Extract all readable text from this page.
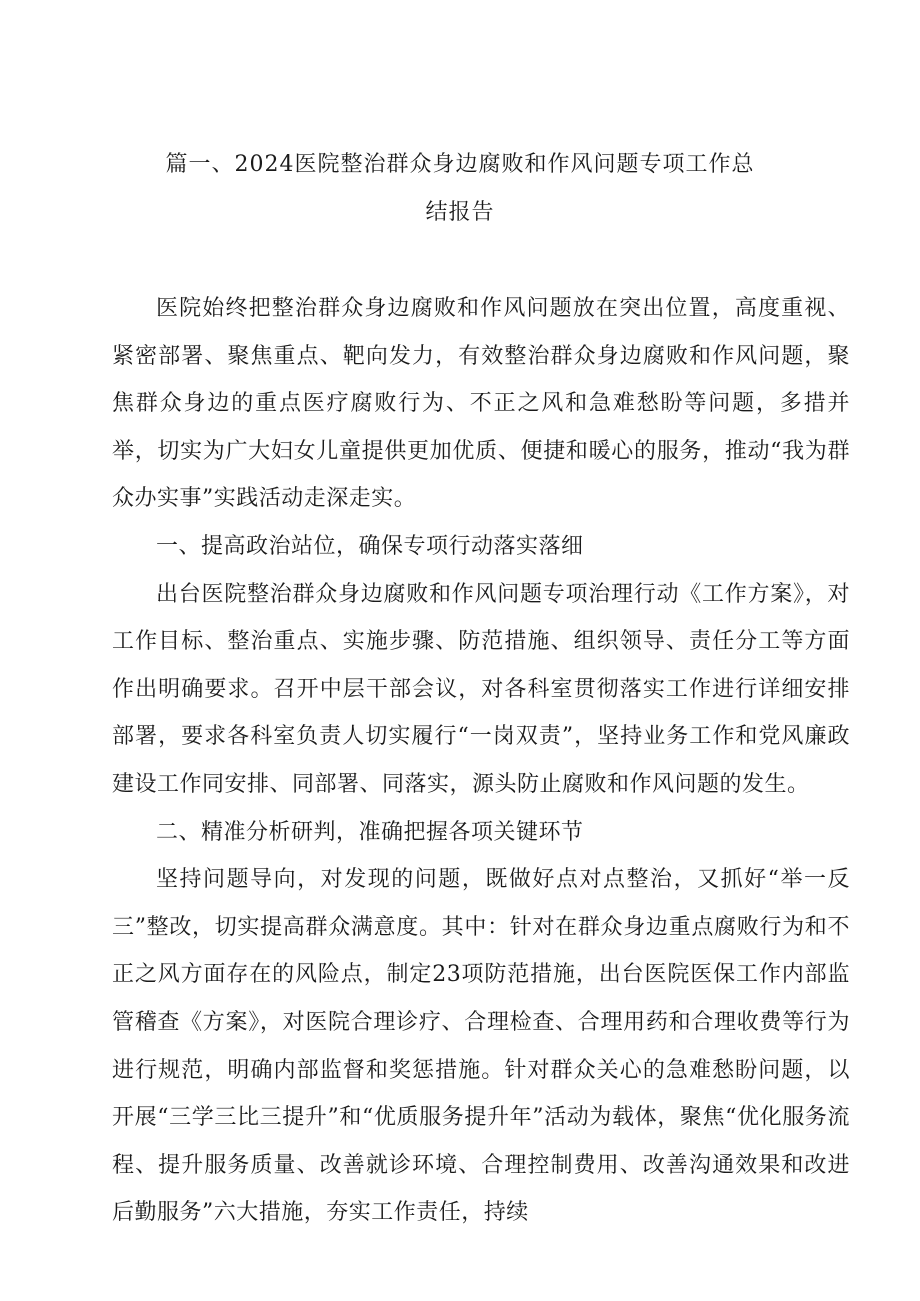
篇一、2024医院整治群众身边腐败和作风问题专项工作总
结报告

医院始终把整治群众身边腐败和作风问题放在突出位置，高度重视、紧密部署、聚焦重点、靶向发力，有效整治群众身边腐败和作风问题，聚焦群众身边的重点医疗腐败行为、不正之风和急难愁盼等问题，多措并举，切实为广大妇女儿童提供更加优质、便捷和暖心的服务，推动“我为群众办实事”实践活动走深走实。

一、提高政治站位，确保专项行动落实落细

出台医院整治群众身边腐败和作风问题专项治理行动《工作方案》，对工作目标、整治重点、实施步骤、防范措施、组织领导、责任分工等方面作出明确要求。召开中层干部会议，对各科室贯彻落实工作进行详细安排部署，要求各科室负责人切实履行“一岗双责”，坚持业务工作和党风廉政建设工作同安排、同部署、同落实，源头防止腐败和作风问题的发生。

二、精准分析研判，准确把握各项关键环节

坚持问题导向，对发现的问题，既做好点对点整治，又抓好“举一反三”整改，切实提高群众满意度。其中：针对在群众身边重点腐败行为和不正之风方面存在的风险点，制定23项防范措施，出台医院医保工作内部监管稽查《方案》，对医院合理诊疗、合理检查、合理用药和合理收费等行为进行规范，明确内部监督和奖惩措施。针对群众关心的急难愁盼问题，以开展“三学三比三提升”和“优质服务提升年”活动为载体，聚焦“优化服务流程、提升服务质量、改善就诊环境、合理控制费用、改善沟通效果和改进后勤服务”六大措施，夯实工作责任，持续
